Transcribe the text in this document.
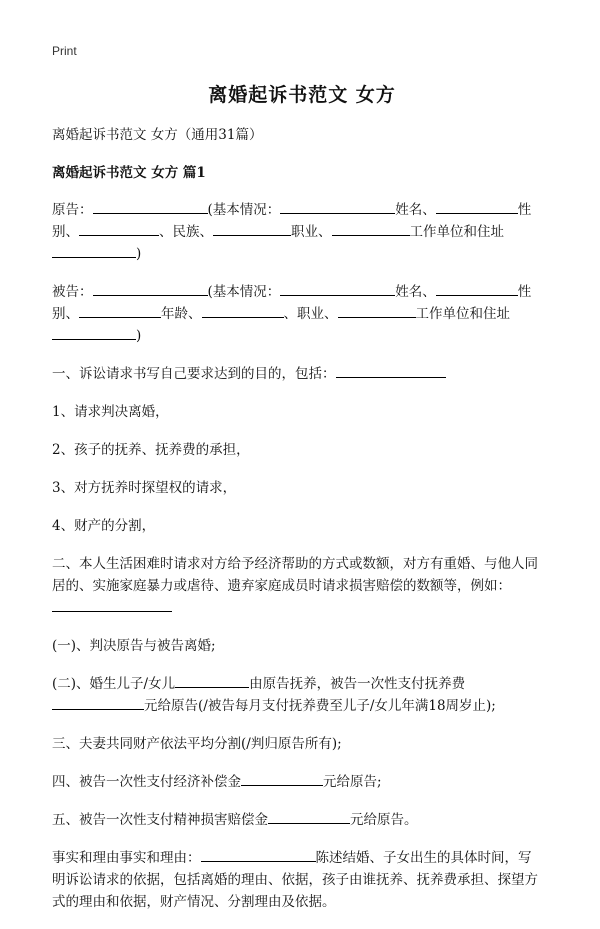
Print
离婚起诉书范文 女方
离婚起诉书范文 女方（通用31篇）
离婚起诉书范文 女方 篇1
原告：	(基本情况：	姓名、	性
别、	、民族、	职业、	工作单位和住址
)
被告：	(基本情况：	姓名、	性
别、	年龄、	、职业、	工作单位和住址
)
一、诉讼请求书写自己要求达到的目的，包括：
1、请求判决离婚，
2、孩子的抚养、抚养费的承担，
3、对方抚养时探望权的请求，
4、财产的分割，
二、本人生活困难时请求对方给予经济帮助的方式或数额，对方有重婚、与他人同
居的、实施家庭暴力或虐待、遗弃家庭成员时请求损害赔偿的数额等，例如：
(一)、判决原告与被告离婚;
(二)、婚生儿子/女儿	由原告抚养，被告一次性支付抚养费
元给原告(/被告每月支付抚养费至儿子/女儿年满18周岁止);
三、夫妻共同财产依法平均分割(/判归原告所有);
四、被告一次性支付经济补偿金	元给原告;
五、被告一次性支付精神损害赔偿金	元给原告。
事实和理由事实和理由：	陈述结婚、子女出生的具体时间，写
明诉讼请求的依据，包括离婚的理由、依据，孩子由谁抚养、抚养费承担、探望方
式的理由和依据，财产情况、分割理由及依据。
